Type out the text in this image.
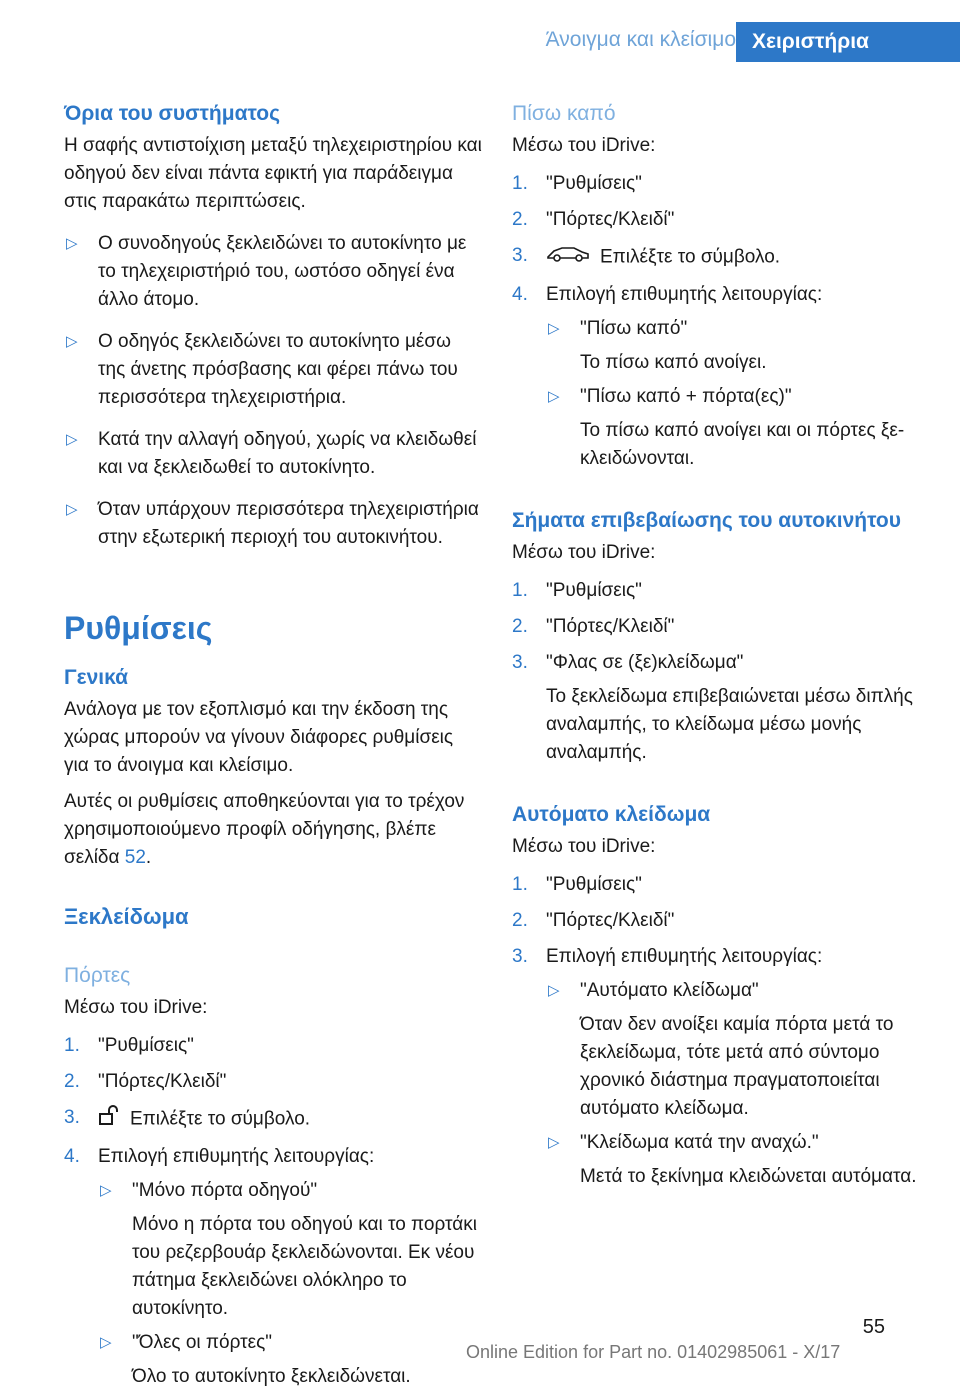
Άνοιγμα και κλείσιμο Χειριστήρια
Όρια του συστήματος
Η σαφής αντιστοίχιση μεταξύ τηλεχειριστηρίου και οδηγού δεν είναι πάντα εφικτή για παράδειγμα στις παρακάτω περιπτώσεις.
▷ Ο συνοδηγούς ξεκλειδώνει το αυτοκίνητο με το τηλεχειριστήριό του, ωστόσο οδηγεί ένα άλλο άτομο.
▷ Ο οδηγός ξεκλειδώνει το αυτοκίνητο μέσω της άνετης πρόσβασης και φέρει πάνω του περισσότερα τηλεχειριστήρια.
▷ Κατά την αλλαγή οδηγού, χωρίς να κλειδωθεί και να ξεκλειδωθεί το αυτοκίνητο.
▷ Όταν υπάρχουν περισσότερα τηλεχειριστήρια στην εξωτερική περιοχή του αυτοκινήτου.
Ρυθμίσεις
Γενικά
Ανάλογα με τον εξοπλισμό και την έκδοση της χώρας μπορούν να γίνουν διάφορες ρυθμίσεις για το άνοιγμα και κλείσιμο.
Αυτές οι ρυθμίσεις αποθηκεύονται για το τρέχον χρησιμοποιούμενο προφίλ οδήγησης, βλέπε σελίδα 52.
Ξεκλείδωμα
Πόρτες
Μέσω του iDrive:
1. "Ρυθμίσεις"
2. "Πόρτες/Κλειδί"
3.	Επιλέξτε το σύμβολο.
4. Επιλογή επιθυμητής λειτουργίας:
▷ "Μόνο πόρτα οδηγού"
Μόνο η πόρτα του οδηγού και το πορτάκι του ρεζερβουάρ ξεκλειδώνονται. Εκ νέου πάτημα ξεκλειδώνει ολόκληρο το αυτοκίνητο.
▷ "Όλες οι πόρτες"
Όλο το αυτοκίνητο ξεκλειδώνεται.
Πίσω καπό
Μέσω του iDrive:
1. "Ρυθμίσεις"
2. "Πόρτες/Κλειδί"
3.	Επιλέξτε το σύμβολο.
4. Επιλογή επιθυμητής λειτουργίας:
▷ "Πίσω καπό"
Το πίσω καπό ανοίγει.
▷ "Πίσω καπό + πόρτα(ες)"
Το πίσω καπό ανοίγει και οι πόρτες ξεκλειδώνονται.
Σήματα επιβεβαίωσης του αυτοκινήτου
Μέσω του iDrive:
1. "Ρυθμίσεις"
2. "Πόρτες/Κλειδί"
3. "Φλας σε (ξε)κλείδωμα"
Το ξεκλείδωμα επιβεβαιώνεται μέσω διπλής αναλαμπής, το κλείδωμα μέσω μονής αναλαμπής.
Αυτόματο κλείδωμα
Μέσω του iDrive:
1. "Ρυθμίσεις"
2. "Πόρτες/Κλειδί"
3. Επιλογή επιθυμητής λειτουργίας:
▷ "Αυτόματο κλείδωμα"
Όταν δεν ανοίξει καμία πόρτα μετά το ξεκλείδωμα, τότε μετά από σύντομο χρονικό διάστημα πραγματοποιείται αυτόματο κλείδωμα.
▷ "Κλείδωμα κατά την αναχώ."
Μετά το ξεκίνημα κλειδώνεται αυτόματα.
55
Online Edition for Part no. 01402985061 - X/17
